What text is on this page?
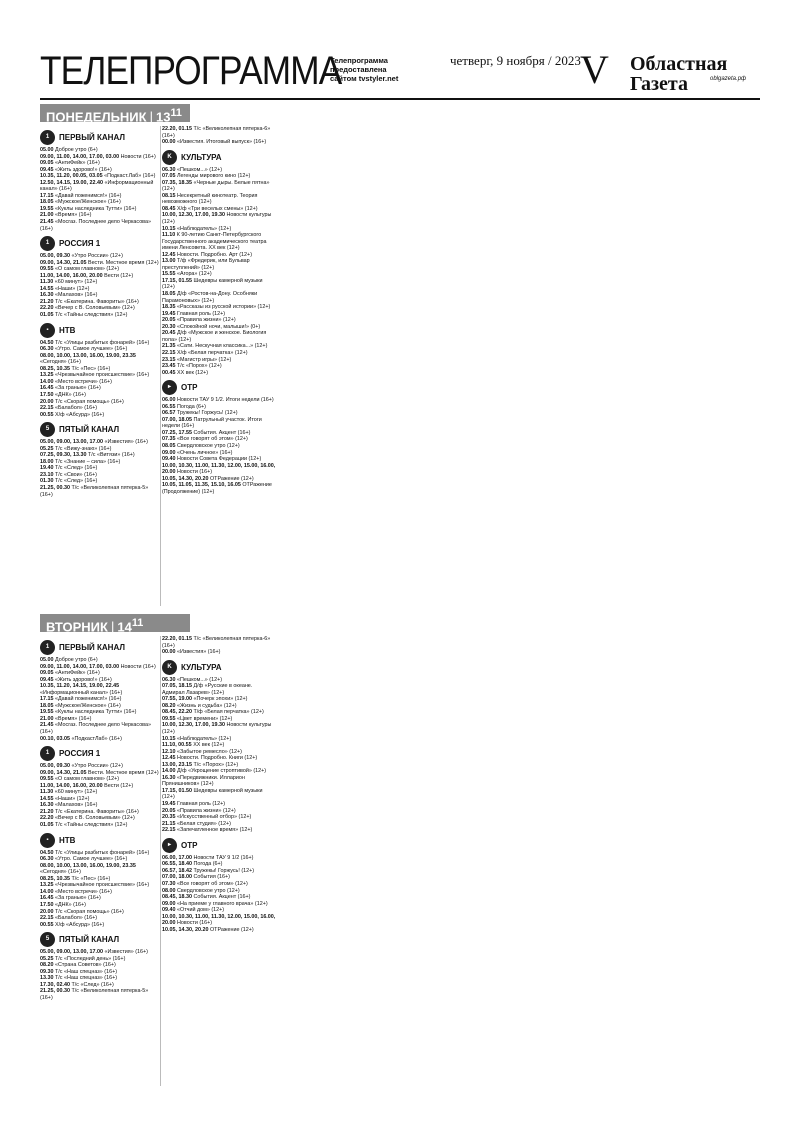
ТЕЛЕПРОГРАММА
Телепрограмма предоставлена сайтом tvstyler.net
четверг, 9 ноября / 2023 V Областная
Газета	oblgazeta.рф
ПОНЕДЕЛЬНИК | $13^{11}$
ВТОРНИК | $14^{11}$
1	ПЕРВЫЙ КАНАЛ
05.00 Доброе утро (6+)
09.00, 11.00, 14.00, 17.00, 03.00 Новости (16+)
09.05 «АнтиФейк» (16+)
09.45 «Жить здорово!» (16+)
10.35, 11.20, 00.05, 03.05 «Подкаст.Лаб» (16+)
12.50, 14.15, 19.00, 22.40 «Информационный канал» (16+)
17.15 «Давай поженимся!» (16+)
18.05 «Мужское/Женское» (16+)
19.55 «Куклы наследника Тутти» (16+)
21.00 «Время» (16+)
21.45 «Мосгаз. Последнее дело Черкасова» (16+)
1	РОССИЯ 1
05.00, 09.30 «Утро России» (12+)
09.00, 14.30, 21.05 Вести. Местное время (12+)
09.55 «О самом главном» (12+)
11.00, 14.00, 16.00, 20.00 Вести (12+)
11.30 «60 минут» (12+)
14.55 «Наши» (12+)
16.30 «Малахов» (16+)
21.20 Т/с «Екатерина. Фавориты» (16+)
22.20 «Вечер с В. Соловьевым» (12+)
01.05 Т/с «Тайны следствия» (12+)
▪	НТВ
04.50 Т/с «Улицы разбитых фонарей» (16+)
06.30 «Утро. Самое лучшее» (16+)
08.00, 10.00, 13.00, 16.00, 19.00, 23.35 «Сегодня» (16+)
08.25, 10.35 Т/с «Пес» (16+)
13.25 «Чрезвычайное происшествие» (16+)
14.00 «Место встречи» (16+)
16.45 «За гранью» (16+)
17.50 «ДНК» (16+)
20.00 Т/с «Скорая помощь» (16+)
22.15 «Балабол» (16+)
00.55 Х/ф «Абсурд» (16+)
5	ПЯТЫЙ КАНАЛ
05.00, 09.00, 13.00, 17.00 «Известия» (16+)
05.25 Т/с «Вижу-знаю» (16+)
07.25, 09.30, 13.30 Т/с «Витязи» (16+)
18.00 Т/с «Знание – сила» (16+)
19.40 Т/с «След» (16+)
23.10 Т/с «Свои» (16+)
01.30 Т/с «След» (16+)
21.25, 00.30 Т/с «Великолепная пятерка-5» (16+)
22.20, 01.15 Т/с «Великолепная пятерка-6» (16+)
00.00 «Известия. Итоговый выпуск» (16+)
K	КУЛЬТУРА
06.30 «Пешком...» (12+)
07.05 Легенды мирового кино (12+)
07.35, 18.35 «Черные дыры. Белые пятна» (12+)
08.15 Несекретный кинотеатр. Теория невозможного (12+)
08.45 Х/ф «Три веселых смены» (12+)
10.00, 12.30, 17.00, 19.30 Новости культуры (12+)
10.15 «Наблюдатель» (12+)
11.10 К 90-летию Санкт-Петербургского Государственного академического театра имени Ленсовета. ХХ век (12+)
12.45 Новости. Подробно. Арт (12+)
13.00 Т/ф «Фредерик, или Бульвар преступлений» (12+)
15.55 «Агора» (12+)
17.15, 01.55 Шедевры камерной музыки (12+)
18.05 Д/ф «Ростов-на-Дону. Особняки Парамоновых» (12+)
18.35 «Рассказы из русской истории» (12+)
19.45 Главная роль (12+)
20.05 «Правила жизни» (12+)
20.30 «Спокойной ночи, малыши!» (0+)
20.45 Д/ф «Мужское и женское. Биология пола» (12+)
21.35 «Сати. Нескучная классика...» (12+)
22.15 Х/ф «Белая перчатка» (12+)
23.15 «Магистр игры» (12+)
23.45 Т/с «Порох» (12+)
00.45 ХХ век (12+)
▸	ОТР
06.00 Новости ТАУ 9 1/2. Итоги недели (16+)
06.55 Погода (6+)
06.57 Тружекы! Горжусь! (12+)
07.00, 18.05 Патрульный участок. Итоги недели (16+)
07.25, 17.55 События. Акцент (16+)
07.35 «Все говорят об этом» (12+)
08.05 Свердловское утро (12+)
09.00 «Очень личное» (16+)
09.40 Новости Совета Федерации (12+)
10.00, 10.30, 11.00, 11.30, 12.00, 15.00, 16.00, 20.00 Новости (16+)
10.05, 14.30, 20.20 ОТРажение (12+)
10.05, 11.05, 11.35, 15.10, 16.05 ОТРажение (Продолжение) (12+)
1	ПЕРВЫЙ КАНАЛ
05.00 Доброе утро (6+)
09.00, 11.00, 14.00, 17.00, 03.00 Новости (16+)
09.05 «АнтиФейк» (16+)
09.45 «Жить здорово!» (16+)
10.35, 11.20, 14.15, 19.00, 22.45 «Информационный канал» (16+)
17.15 «Давай поженимся!» (16+)
18.05 «Мужское/Женское» (16+)
19.55 «Куклы наследника Тутти» (16+)
21.00 «Время» (16+)
21.45 «Мосгаз. Последнее дело Черкасова» (16+)
00.10, 03.05 «ПодкастЛаб» (16+)
1	РОССИЯ 1
05.00, 09.30 «Утро России» (12+)
09.00, 14.30, 21.05 Вести. Местное время (12+)
09.55 «О самом главном» (12+)
11.00, 14.00, 16.00, 20.00 Вести (12+)
11.30 «60 минут» (12+)
14.55 «Наши» (12+)
16.30 «Малахов» (16+)
21.20 Т/с «Екатерина. Фавориты» (16+)
22.20 «Вечер с В. Соловьевым» (12+)
01.05 Т/с «Тайны следствия» (12+)
▪	НТВ
04.50 Т/с «Улицы разбитых фонарей» (16+)
06.30 «Утро. Самое лучшее» (16+)
08.00, 10.00, 13.00, 16.00, 19.00, 23.35 «Сегодня» (16+)
08.25, 10.35 Т/с «Пес» (16+)
13.25 «Чрезвычайное происшествие» (16+)
14.00 «Место встречи» (16+)
16.45 «За гранью» (16+)
17.50 «ДНК» (16+)
20.00 Т/с «Скорая помощь» (16+)
22.15 «Балабол» (16+)
00.55 Х/ф «Абсурд» (16+)
5	ПЯТЫЙ КАНАЛ
05.00, 09.00, 13.00, 17.00 «Известия» (16+)
05.25 Т/с «Последний день» (16+)
08.20 «Страна Советов» (16+)
09.30 Т/с «Наш спецназ» (16+)
13.30 Т/с «Наш спецназ» (16+)
17.30, 02.40 Т/с «След» (16+)
21.25, 00.30 Т/с «Великолепная пятерка-5» (16+)
22.20, 01.15 Т/с «Великолепная пятерка-6» (16+)
00.00 «Известия» (16+)
K	КУЛЬТУРА
06.30 «Пешком...» (12+)
07.05, 18.15 Д/ф «Русские в океане. Адмирал Лазарев» (12+)
07.55, 19.00 «Почерк эпохи» (12+)
08.20 «Жизнь и судьба» (12+)
08.45, 22.20 Т/ф «Белая перчатка» (12+)
09.55 «Цвет времени» (12+)
10.00, 12.30, 17.00, 19.30 Новости культуры (12+)
10.15 «Наблюдатель» (12+)
11.10, 00.55 ХХ век (12+)
12.10 «Забытое ремесло» (12+)
12.45 Новости. Подробно. Книги (12+)
13.00, 23.15 Т/с «Порох» (12+)
14.00 Д/ф «Укрощение строптивой» (12+)
16.30 «Передвижники. Илларион Прянишников» (12+)
17.15, 01.50 Шедевры камерной музыки (12+)
19.45 Главная роль (12+)
20.05 «Правила жизни» (12+)
20.35 «Искусственный отбор» (12+)
21.15 «Белая студия» (12+)
22.15 «Запечатленное время» (12+)
▸	ОТР
06.00, 17.00 Новости ТАУ 9 1/2 (16+)
06.55, 18.40 Погода (6+)
06.57, 18.42 Тружекы! Горжусь! (12+)
07.00, 18.00 События (16+)
07.30 «Все говорят об этом» (12+)
08.00 Свердловское утро (12+)
08.45, 18.30 События. Акцент (16+)
09.00 «На приеме у главного врача» (12+)
09.40 «Отчий дом» (12+)
10.00, 10.30, 11.00, 11.30, 12.00, 15.00, 16.00, 20.00 Новости (16+)
10.05, 14.30, 20.20 ОТРажение (12+)
